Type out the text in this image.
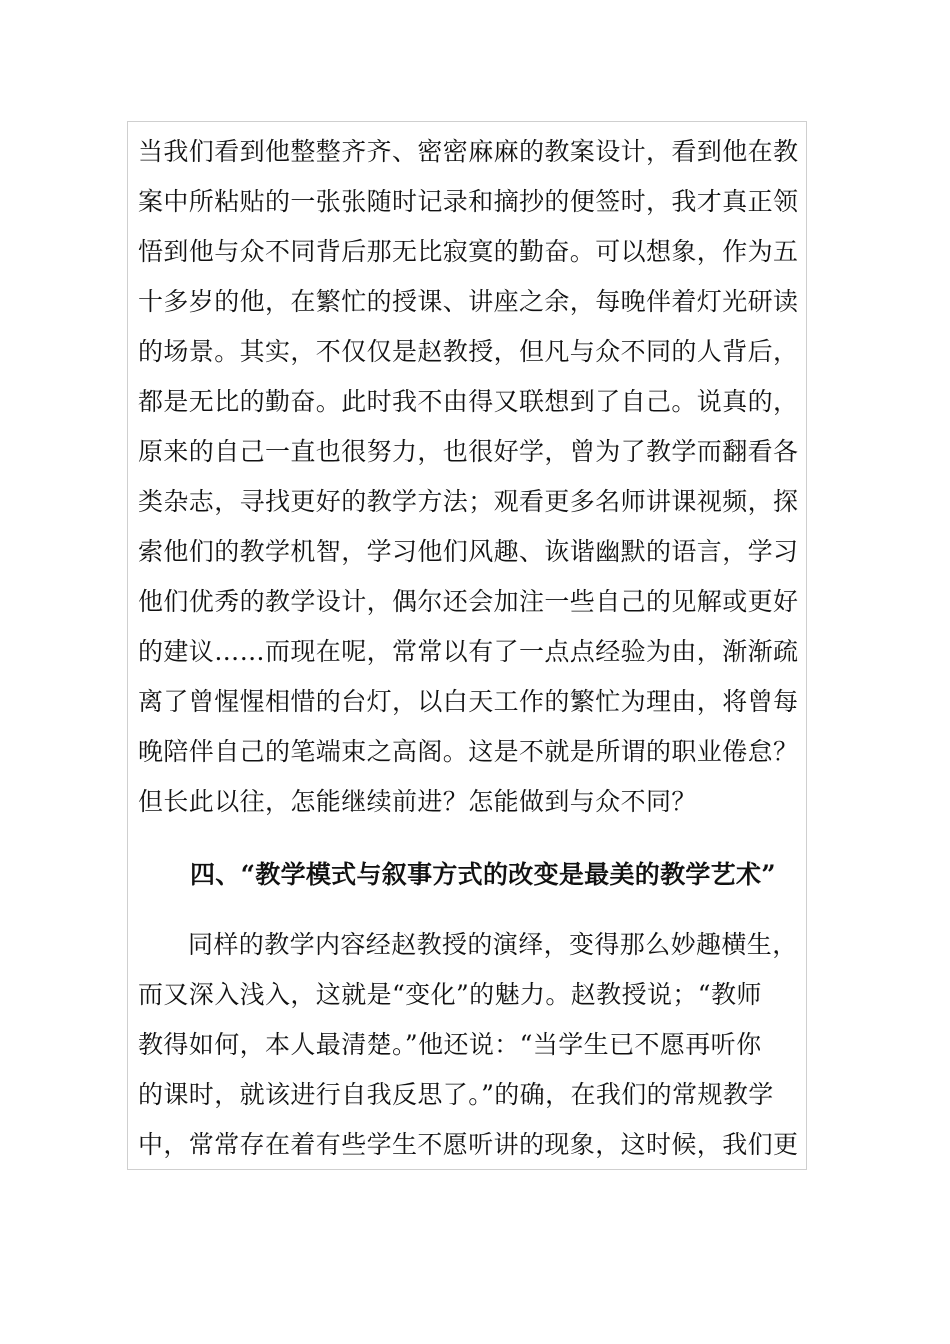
当我们看到他整整齐齐、密密麻麻的教案设计，看到他在教
案中所粘贴的一张张随时记录和摘抄的便签时，我才真正领
悟到他与众不同背后那无比寂寞的勤奋。可以想象，作为五
十多岁的他，在繁忙的授课、讲座之余，每晚伴着灯光研读
的场景。其实，不仅仅是赵教授，但凡与众不同的人背后，
都是无比的勤奋。此时我不由得又联想到了自己。说真的，
原来的自己一直也很努力，也很好学，曾为了教学而翻看各
类杂志，寻找更好的教学方法；观看更多名师讲课视频，探
索他们的教学机智，学习他们风趣、诙谐幽默的语言，学习
他们优秀的教学设计，偶尔还会加注一些自己的见解或更好
的建议……而现在呢，常常以有了一点点经验为由，渐渐疏
离了曾惺惺相惜的台灯，以白天工作的繁忙为理由，将曾每
晚陪伴自己的笔端束之高阁。这是不就是所谓的职业倦怠？
但长此以往，怎能继续前进？怎能做到与众不同？
四、“教学模式与叙事方式的改变是最美的教学艺术”
同样的教学内容经赵教授的演绎，变得那么妙趣横生，
而又深入浅入，这就是“变化”的魅力。赵教授说；“教师
教得如何，本人最清楚。”他还说：“当学生已不愿再听你
的课时，就该进行自我反思了。”的确，在我们的常规教学
中，常常存在着有些学生不愿听讲的现象，这时候，我们更
